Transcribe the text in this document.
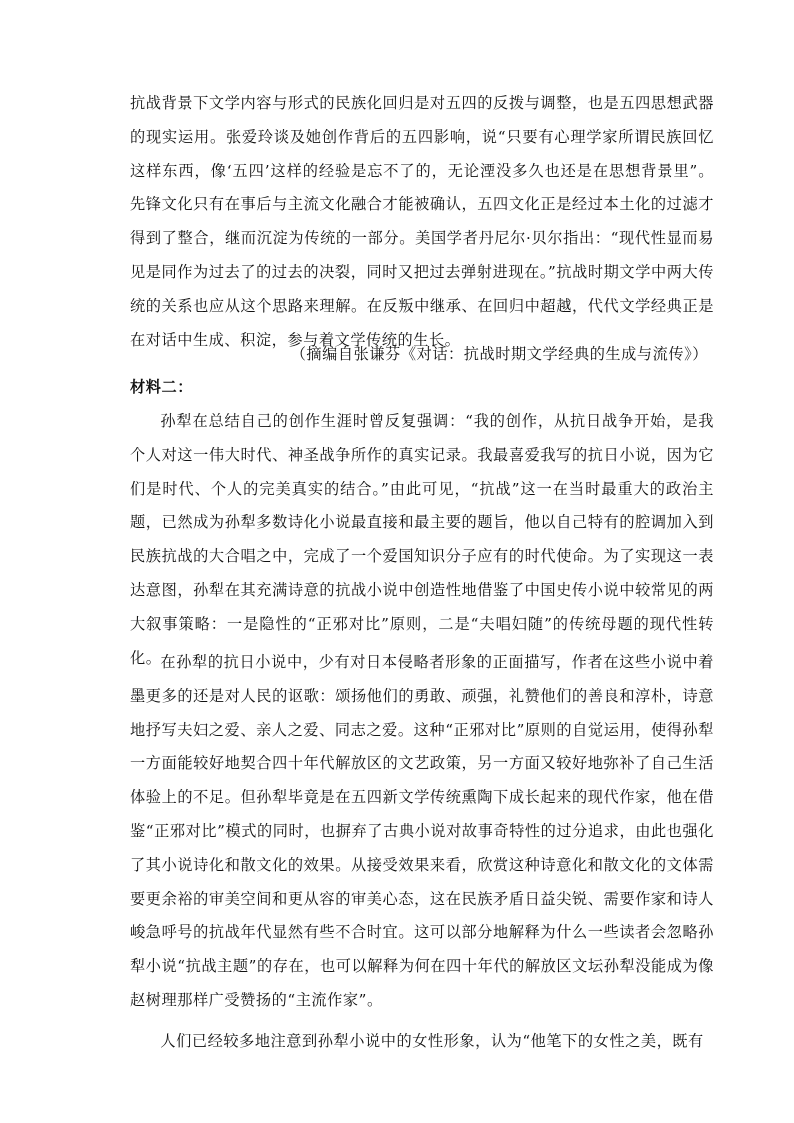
抗战背景下文学内容与形式的民族化回归是对五四的反拨与调整，也是五四思想武器的现实运用。张爱玲谈及她创作背后的五四影响，说“只要有心理学家所谓民族回忆这样东西，像‘五四’这样的经验是忘不了的，无论湮没多久也还是在思想背景里”。先锋文化只有在事后与主流文化融合才能被确认，五四文化正是经过本土化的过滤才得到了整合，继而沉淀为传统的一部分。美国学者丹尼尔·贝尔指出：“现代性显而易见是同作为过去了的过去的决裂，同时又把过去弹射进现在。”抗战时期文学中两大传统的关系也应从这个思路来理解。在反叛中继承、在回归中超越，代代文学经典正是在对话中生成、积淀，参与着文学传统的生长。

（摘编自张谦芬《对话：抗战时期文学经典的生成与流传》）

材料二：

孙犁在总结自己的创作生涯时曾反复强调：“我的创作，从抗日战争开始，是我个人对这一伟大时代、神圣战争所作的真实记录。我最喜爱我写的抗日小说，因为它们是时代、个人的完美真实的结合。”由此可见，“抗战”这一在当时最重大的政治主题，已然成为孙犁多数诗化小说最直接和最主要的题旨，他以自己特有的腔调加入到民族抗战的大合唱之中，完成了一个爱国知识分子应有的时代使命。为了实现这一表达意图，孙犁在其充满诗意的抗战小说中创造性地借鉴了中国史传小说中较常见的两大叙事策略：一是隐性的“正邪对比”原则，二是“夫唱妇随”的传统母题的现代性转化。

在孙犁的抗日小说中，少有对日本侵略者形象的正面描写，作者在这些小说中着墨更多的还是对人民的讴歌：颂扬他们的勇敢、顽强，礼赞他们的善良和淳朴，诗意地抒写夫妇之爱、亲人之爱、同志之爱。这种“正邪对比”原则的自觉运用，使得孙犁一方面能较好地契合四十年代解放区的文艺政策，另一方面又较好地弥补了自己生活体验上的不足。但孙犁毕竟是在五四新文学传统熏陶下成长起来的现代作家，他在借鉴“正邪对比”模式的同时，也摒弃了古典小说对故事奇特性的过分追求，由此也强化了其小说诗化和散文化的效果。从接受效果来看，欣赏这种诗意化和散文化的文体需要更余裕的审美空间和更从容的审美心态，这在民族矛盾日益尖锐、需要作家和诗人峻急呼号的抗战年代显然有些不合时宜。这可以部分地解释为什么一些读者会忽略孙犁小说“抗战主题”的存在，也可以解释为何在四十年代的解放区文坛孙犁没能成为像赵树理那样广受赞扬的“主流作家”。

人们已经较多地注意到孙犁小说中的女性形象，认为“他笔下的女性之美，既有
